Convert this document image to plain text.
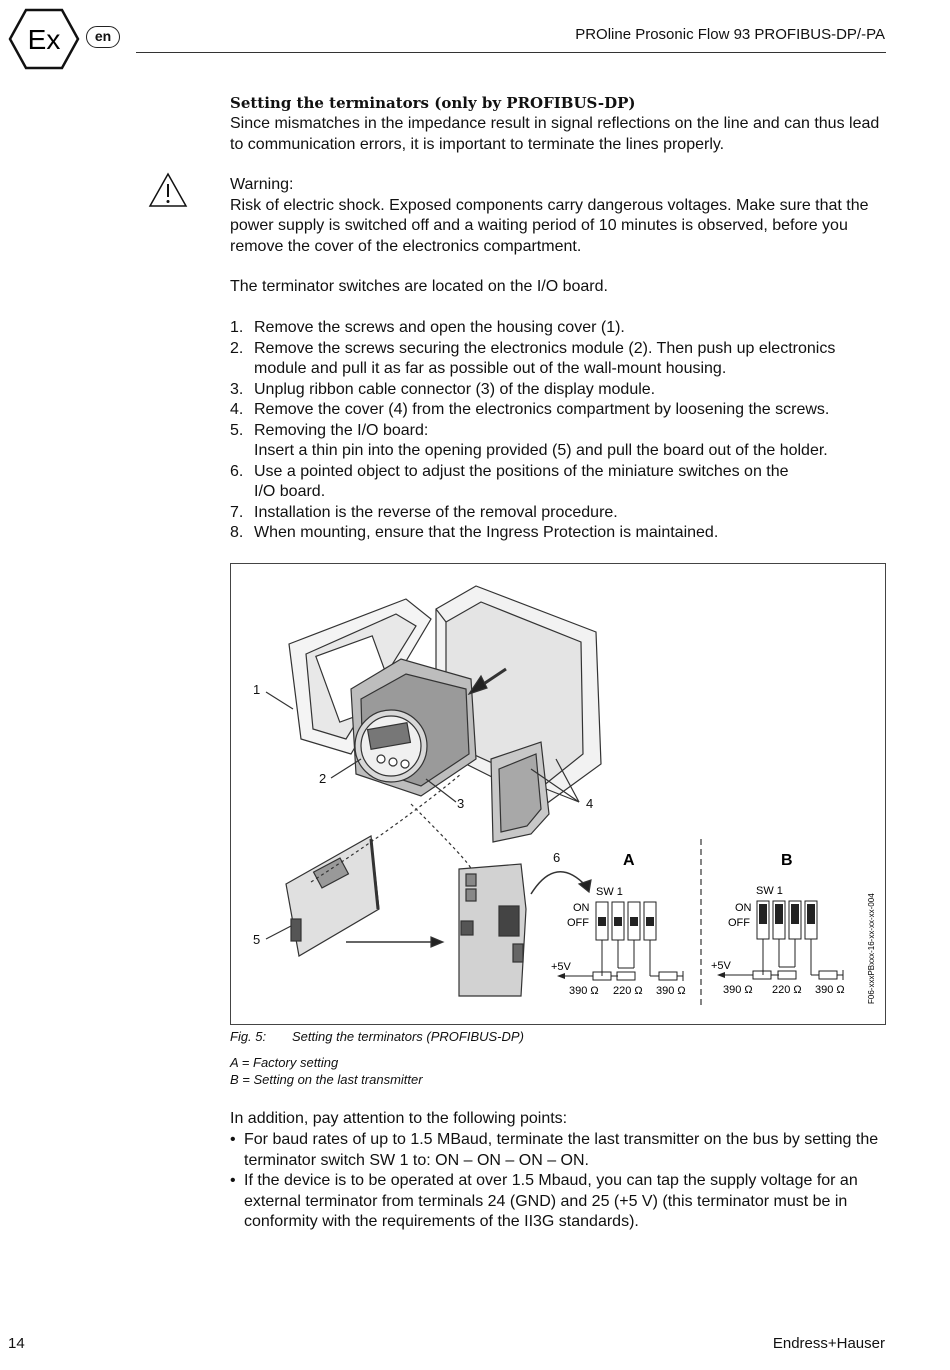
Ex	en	PROline Prosonic Flow 93 PROFIBUS-DP/-PA
Setting the terminators (only by PROFIBUS-DP)
Since mismatches in the impedance result in signal reflections on the line and can thus lead to communication errors, it is important to terminate the lines properly.
Warning:
Risk of electric shock. Exposed components carry dangerous voltages. Make sure that the power supply is switched off and a waiting period of 10 minutes is observed, before you remove the cover of the electronics compartment.
The terminator switches are located on the I/O board.
1. Remove the screws and open the housing cover (1).
2. Remove the screws securing the electronics module (2). Then push up electronics module and pull it as far as possible out of the wall-mount housing.
3. Unplug ribbon cable connector (3) of the display module.
4. Remove the cover (4) from the electronics compartment by loosening the screws.
5. Removing the I/O board:
Insert a thin pin into the opening provided (5) and pull the board out of the holder.
6. Use a pointed object to adjust the positions of the miniature switches on the
I/O board.
7. Installation is the reverse of the removal procedure.
8. When mounting, ensure that the Ingress Protection is maintained.
1
2
3	4
5
6	A
SW 1
ON
OFF
+5V
390 Ω 220 Ω 390 Ω
B
SW 1
ON
OFF
+5V
390 Ω 220 Ω 390 Ω	F06-xxxPBxxx-16-xx-xx-xx-004
Fig. 5: Setting the terminators (PROFIBUS-DP)
A = Factory setting
B = Setting on the last transmitter
In addition, pay attention to the following points:
• For baud rates of up to 1.5 MBaud, terminate the last transmitter on the bus by setting the terminator switch SW 1 to: ON – ON – ON – ON.
• If the device is to be operated at over 1.5 Mbaud, you can tap the supply voltage for an external terminator from terminals 24 (GND) and 25 (+5 V) (this terminator must be in conformity with the requirements of the II3G standards).
14	Endress+Hauser
